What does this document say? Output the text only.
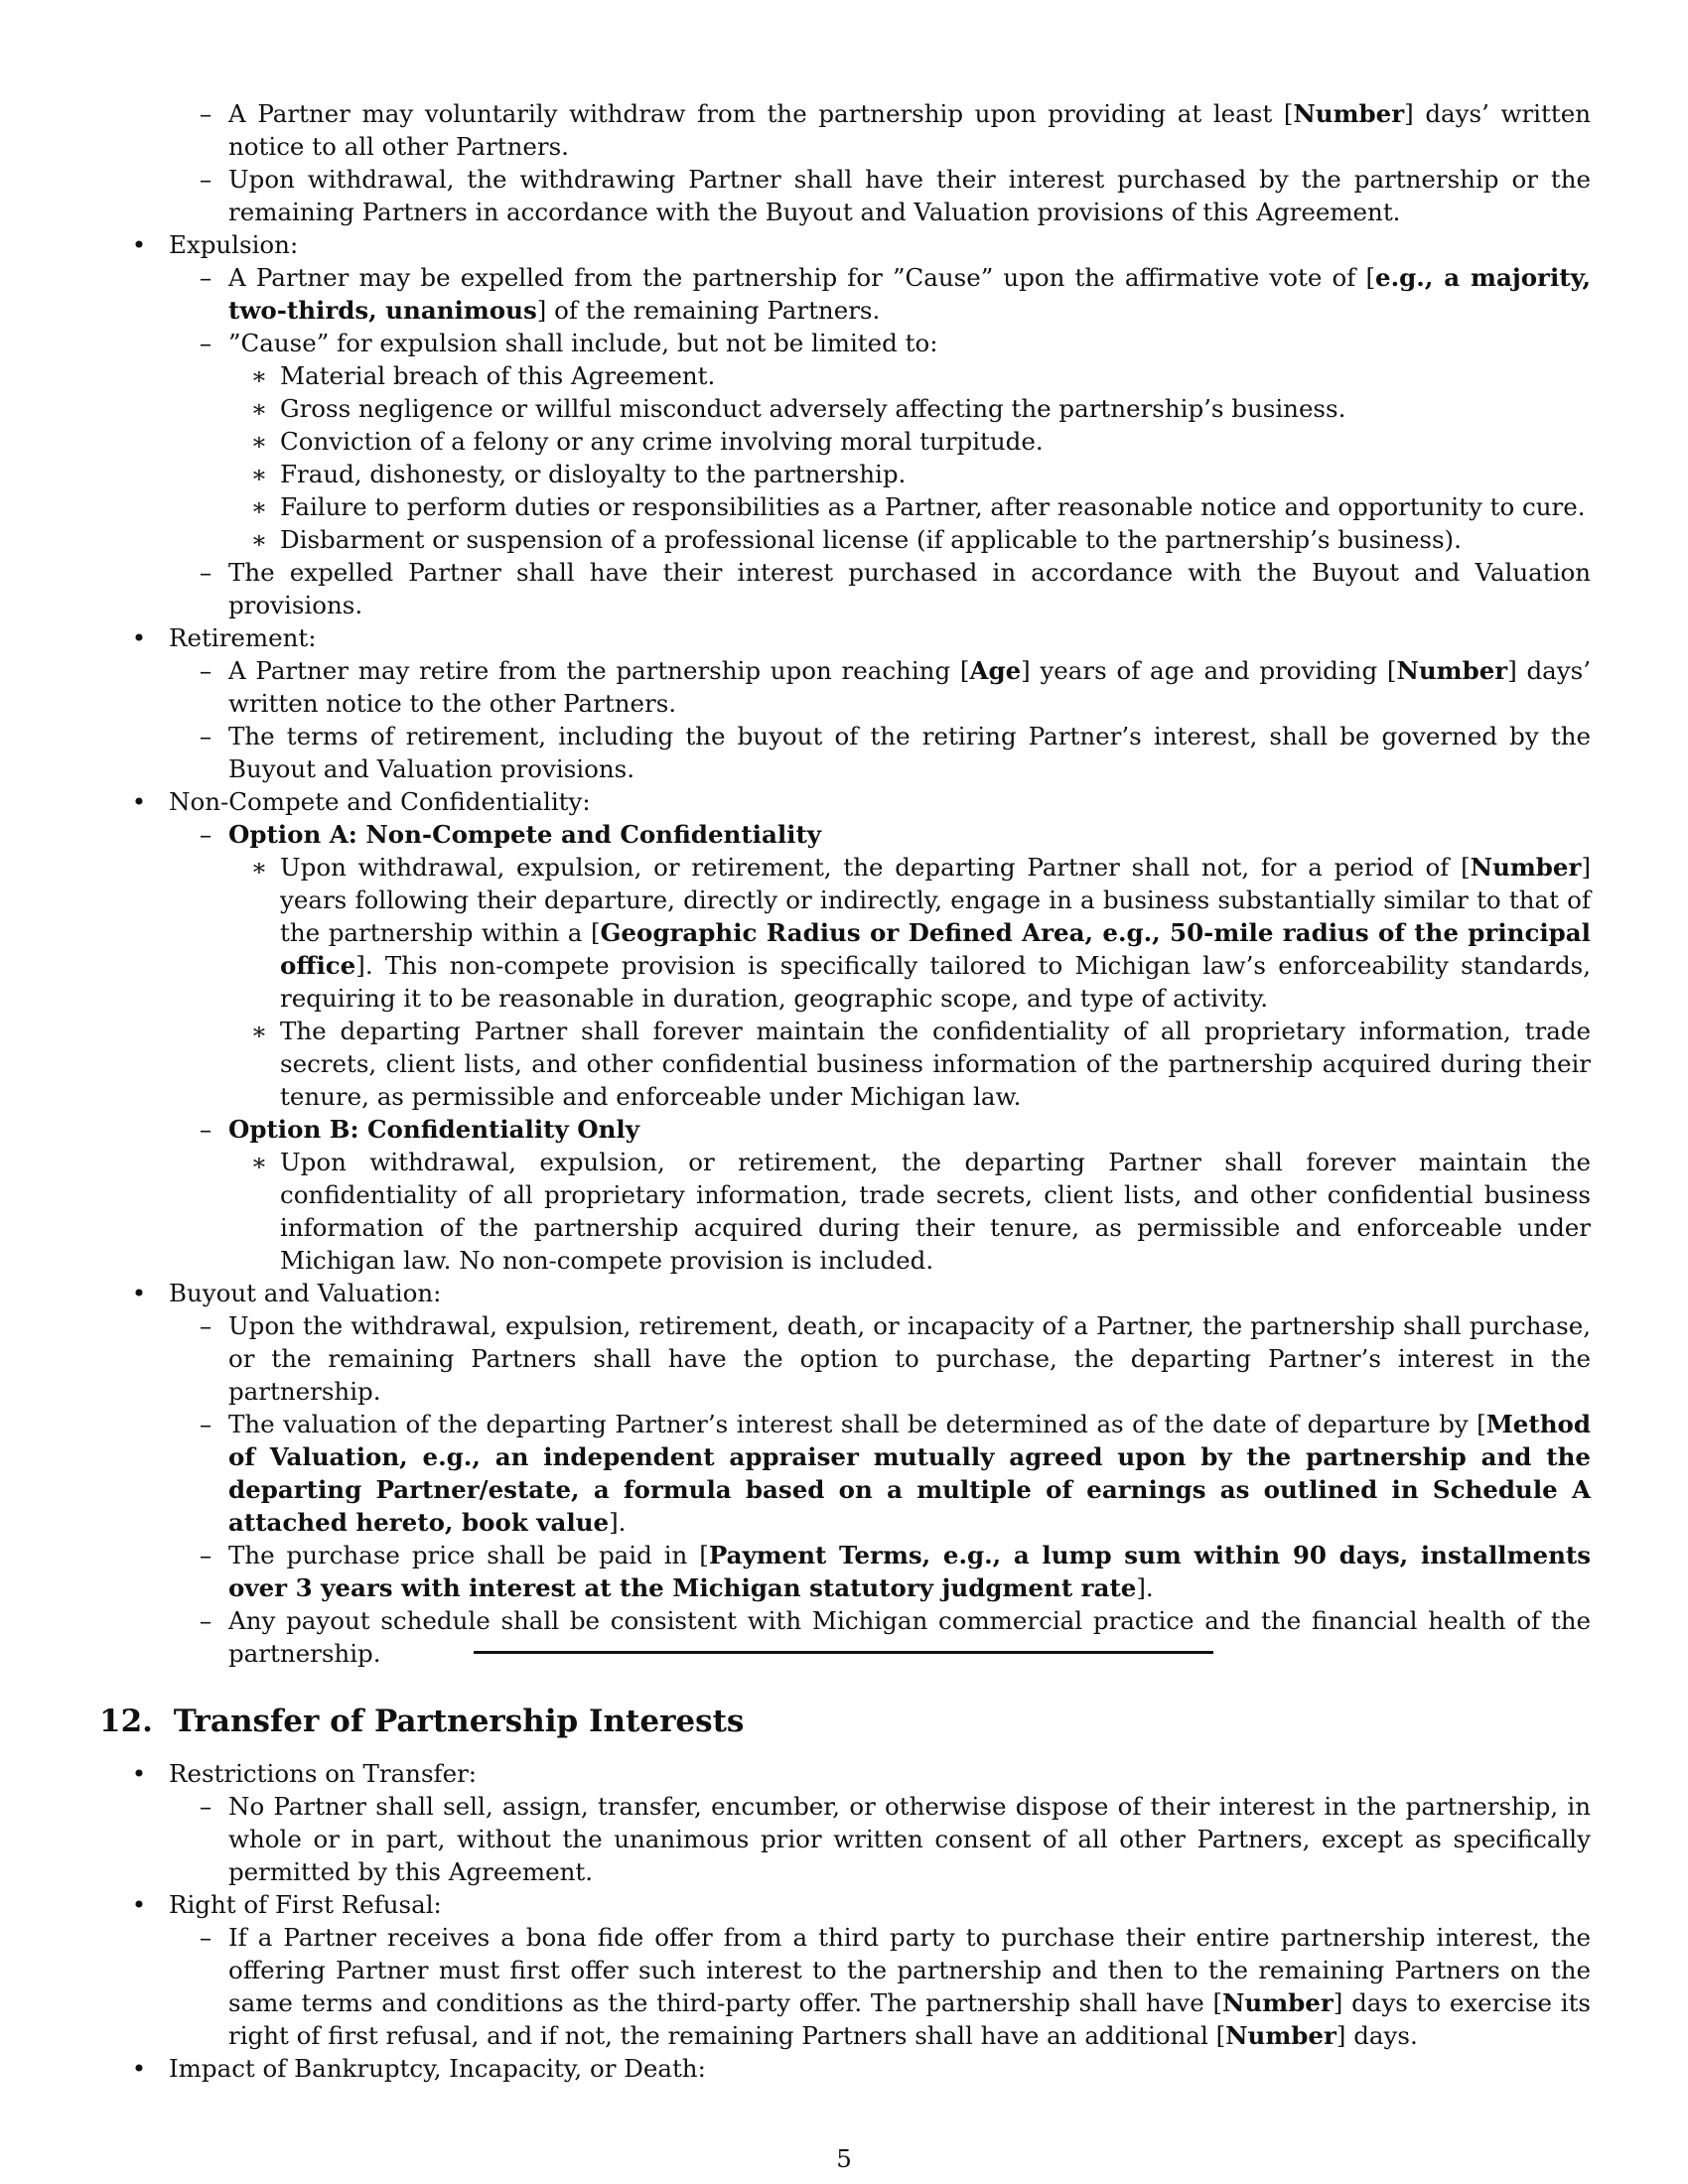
– A Partner may voluntarily withdraw from the partnership upon providing at least [Number] days’ written notice to all other Partners.
– Upon withdrawal, the withdrawing Partner shall have their interest purchased by the partnership or the remaining Partners in accordance with the Buyout and Valuation provisions of this Agreement.
• Expulsion:
– A Partner may be expelled from the partnership for ”Cause” upon the affirmative vote of [e.g., a majority, two-thirds, unanimous] of the remaining Partners.
– ”Cause” for expulsion shall include, but not be limited to:
∗ Material breach of this Agreement.
∗ Gross negligence or willful misconduct adversely affecting the partnership’s business.
∗ Conviction of a felony or any crime involving moral turpitude.
∗ Fraud, dishonesty, or disloyalty to the partnership.
∗ Failure to perform duties or responsibilities as a Partner, after reasonable notice and opportunity to cure.
∗ Disbarment or suspension of a professional license (if applicable to the partnership’s business).
– The expelled Partner shall have their interest purchased in accordance with the Buyout and Valuation provisions.
• Retirement:
– A Partner may retire from the partnership upon reaching [Age] years of age and providing [Number] days’ written notice to the other Partners.
– The terms of retirement, including the buyout of the retiring Partner’s interest, shall be governed by the Buyout and Valuation provisions.
• Non-Compete and Confidentiality:
– Option A: Non-Compete and Confidentiality
∗ Upon withdrawal, expulsion, or retirement, the departing Partner shall not, for a period of [Number] years following their departure, directly or indirectly, engage in a business substantially similar to that of the partnership within a [Geographic Radius or Defined Area, e.g., 50-mile radius of the principal office]. This non-compete provision is specifically tailored to Michigan law’s enforceability standards, requiring it to be reasonable in duration, geographic scope, and type of activity.
∗ The departing Partner shall forever maintain the confidentiality of all proprietary information, trade secrets, client lists, and other confidential business information of the partnership acquired during their tenure, as permissible and enforceable under Michigan law.
– Option B: Confidentiality Only
∗ Upon withdrawal, expulsion, or retirement, the departing Partner shall forever maintain the confidentiality of all proprietary information, trade secrets, client lists, and other confidential business information of the partnership acquired during their tenure, as permissible and enforceable under Michigan law. No non-compete provision is included.
• Buyout and Valuation:
– Upon the withdrawal, expulsion, retirement, death, or incapacity of a Partner, the partnership shall purchase, or the remaining Partners shall have the option to purchase, the departing Partner’s interest in the partnership.
– The valuation of the departing Partner’s interest shall be determined as of the date of departure by [Method of Valuation, e.g., an independent appraiser mutually agreed upon by the partnership and the departing Partner/estate, a formula based on a multiple of earnings as outlined in Schedule A attached hereto, book value].
– The purchase price shall be paid in [Payment Terms, e.g., a lump sum within 90 days, installments over 3 years with interest at the Michigan statutory judgment rate].
– Any payout schedule shall be consistent with Michigan commercial practice and the financial health of the partnership.
12. Transfer of Partnership Interests
• Restrictions on Transfer:
– No Partner shall sell, assign, transfer, encumber, or otherwise dispose of their interest in the partnership, in whole or in part, without the unanimous prior written consent of all other Partners, except as specifically permitted by this Agreement.
• Right of First Refusal:
– If a Partner receives a bona fide offer from a third party to purchase their entire partnership interest, the offering Partner must first offer such interest to the partnership and then to the remaining Partners on the same terms and conditions as the third-party offer. The partnership shall have [Number] days to exercise its right of first refusal, and if not, the remaining Partners shall have an additional [Number] days.
• Impact of Bankruptcy, Incapacity, or Death:
5
